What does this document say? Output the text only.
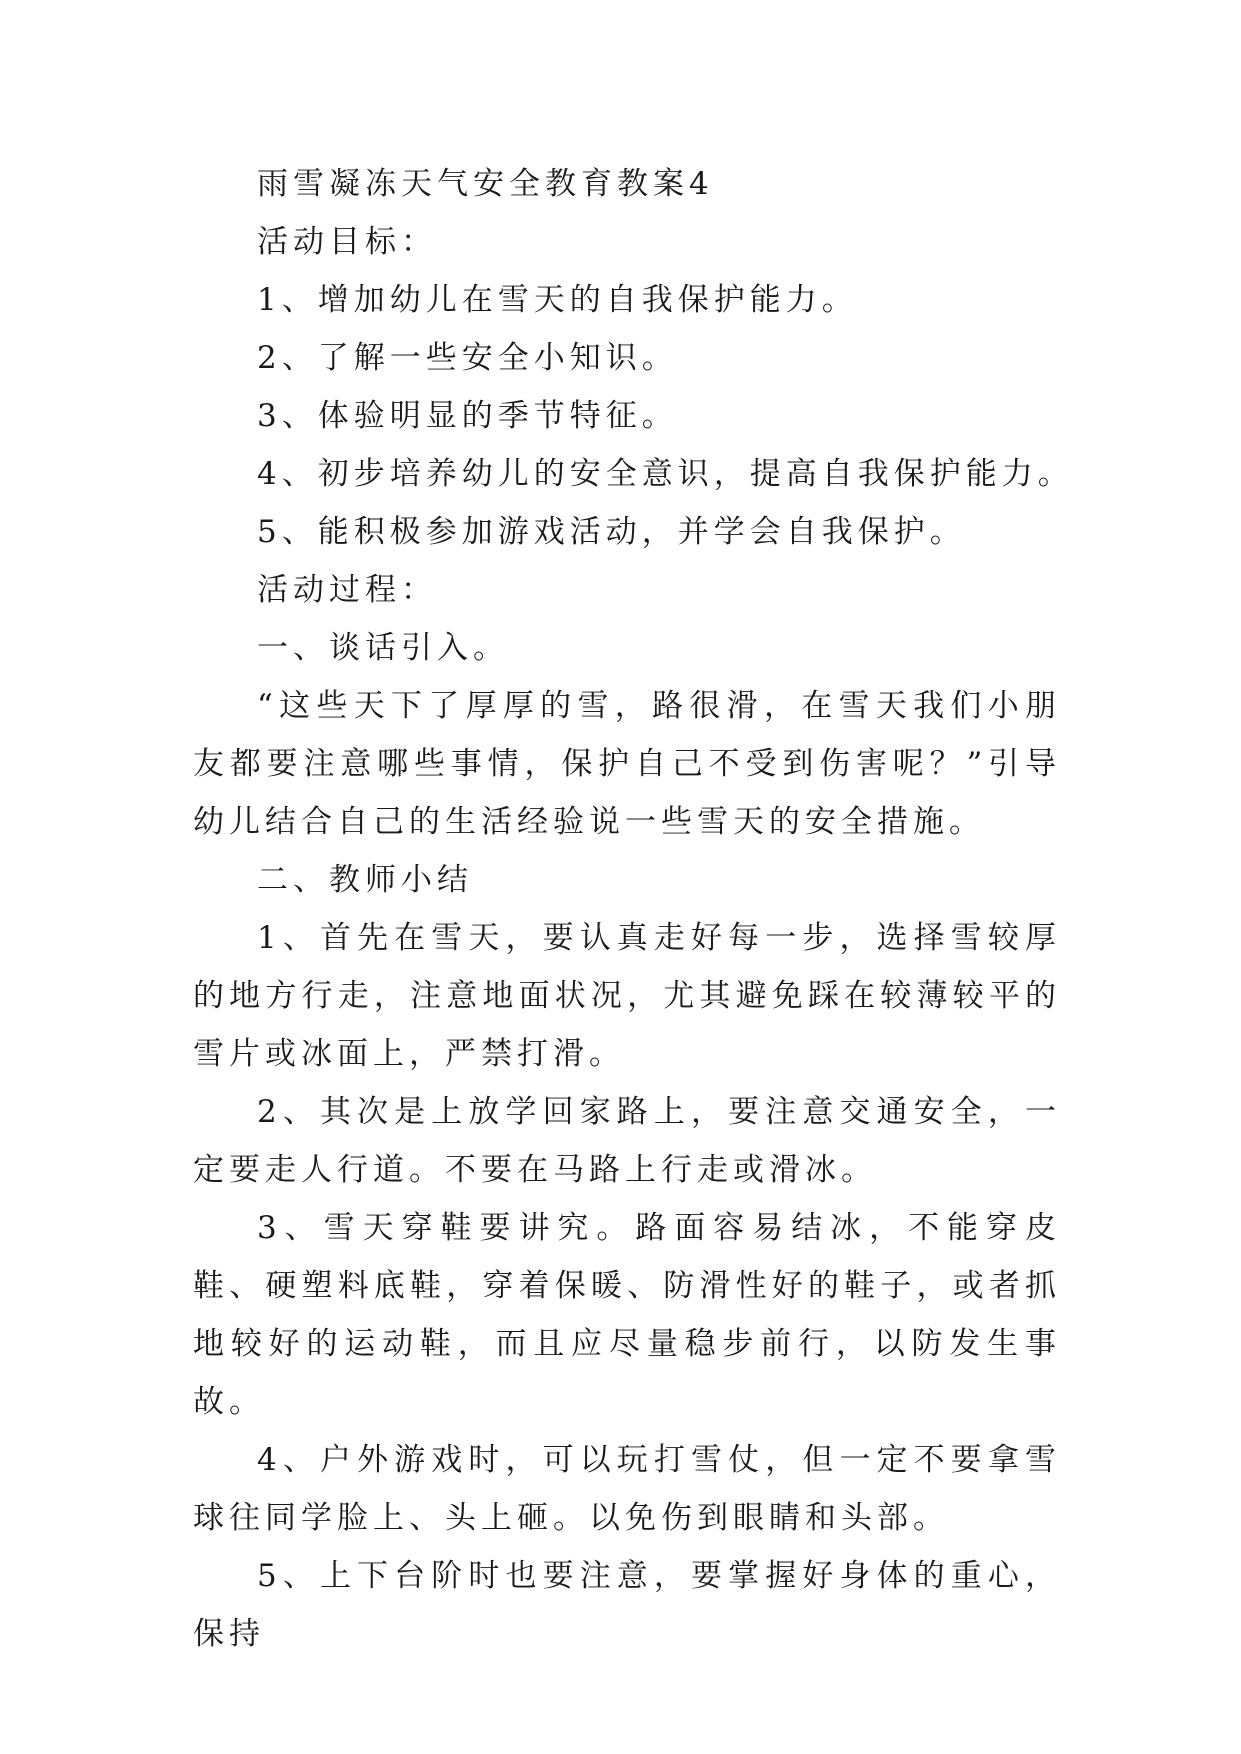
雨雪凝冻天气安全教育教案4

活动目标：

1、增加幼儿在雪天的自我保护能力。

2、了解一些安全小知识。

3、体验明显的季节特征。

4、初步培养幼儿的安全意识，提高自我保护能力。

5、能积极参加游戏活动，并学会自我保护。

活动过程：

一、谈话引入。

“这些天下了厚厚的雪，路很滑，在雪天我们小朋友都要注意哪些事情，保护自己不受到伤害呢？”引导幼儿结合自己的生活经验说一些雪天的安全措施。

二、教师小结

1、首先在雪天，要认真走好每一步，选择雪较厚的地方行走，注意地面状况，尤其避免踩在较薄较平的雪片或冰面上，严禁打滑。

2、其次是上放学回家路上，要注意交通安全，一定要走人行道。不要在马路上行走或滑冰。

3、雪天穿鞋要讲究。路面容易结冰，不能穿皮鞋、硬塑料底鞋，穿着保暖、防滑性好的鞋子，或者抓地较好的运动鞋，而且应尽量稳步前行，以防发生事故。

4、户外游戏时，可以玩打雪仗，但一定不要拿雪球往同学脸上、头上砸。以免伤到眼睛和头部。

5、上下台阶时也要注意，要掌握好身体的重心，保持
